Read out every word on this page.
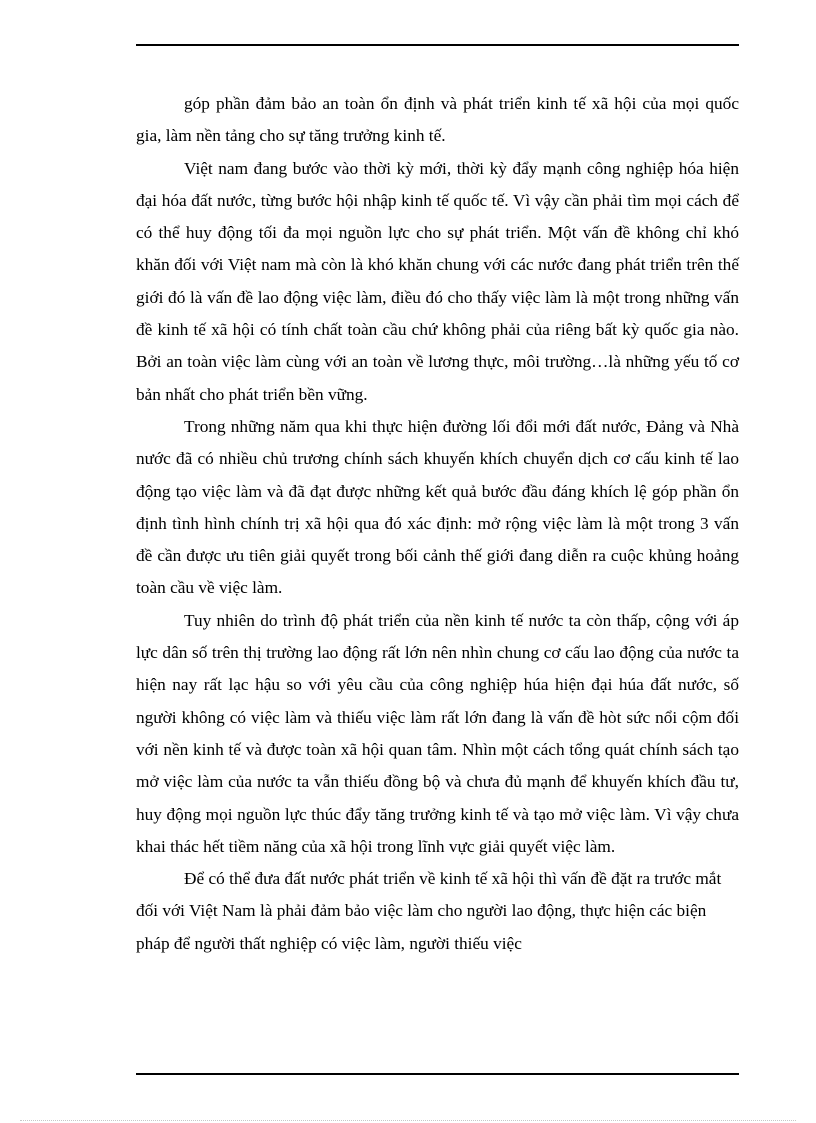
góp phần đảm bảo an toàn ổn định và phát triển kinh tế xã hội của mọi quốc gia, làm nền tảng cho sự tăng trưởng kinh tế.

Việt nam đang bước vào thời kỳ mới, thời kỳ đẩy mạnh công nghiệp hóa hiện đại hóa đất nước, từng bước hội nhập kinh tế quốc tế. Vì vậy cần phải tìm mọi cách để có thể huy động tối đa mọi nguồn lực cho sự phát triển. Một vấn đề không chỉ khó khăn đối với Việt nam mà còn là khó khăn chung với các nước đang phát triển trên thế giới đó là vấn đề lao động việc làm, điều đó cho thấy việc làm là một trong những vấn đề kinh tế xã hội có tính chất toàn cầu chứ không phải của riêng bất kỳ quốc gia nào. Bởi an toàn việc làm cùng với an toàn về lương thực, môi trường…là những yếu tố cơ bản nhất cho phát triển bền vững.

Trong những năm qua khi thực hiện đường lối đổi mới đất nước, Đảng và Nhà nước đã có nhiều chủ trương chính sách khuyến khích chuyển dịch cơ cấu kinh tế lao động tạo việc làm và đã đạt được những kết quả bước đầu đáng khích lệ góp phần ổn định tình hình chính trị xã hội qua đó xác định: mở rộng việc làm là một trong 3 vấn đề cần được ưu tiên giải quyết trong bối cảnh thế giới đang diễn ra cuộc khủng hoảng toàn cầu về việc làm.

Tuy nhiên do trình độ phát triển của nền kinh tế nước ta còn thấp, cộng với áp lực dân số trên thị trường lao động rất lớn nên nhìn chung cơ cấu lao động của nước ta hiện nay rất lạc hậu so với yêu cầu của công nghiệp húa hiện đại húa đất nước, số người không có việc làm và thiếu việc làm rất lớn đang là vấn đề hòt sức nổi cộm đối với nền kinh tế và được toàn xã hội quan tâm. Nhìn một cách tổng quát chính sách tạo mở việc làm của nước ta vẫn thiếu đồng bộ và chưa đủ mạnh để khuyến khích đầu tư, huy động mọi nguồn lực thúc đẩy tăng trưởng kinh tế và tạo mở việc làm. Vì vậy chưa khai thác hết tiềm năng của xã hội trong lĩnh vực giải quyết việc làm.

Để có thể đưa đất nước phát triển về kinh tế xã hội thì vấn đề đặt ra trước mắt đối với Việt Nam là phải đảm bảo việc làm cho người lao động, thực hiện các biện pháp để người thất nghiệp có việc làm, người thiếu việc
